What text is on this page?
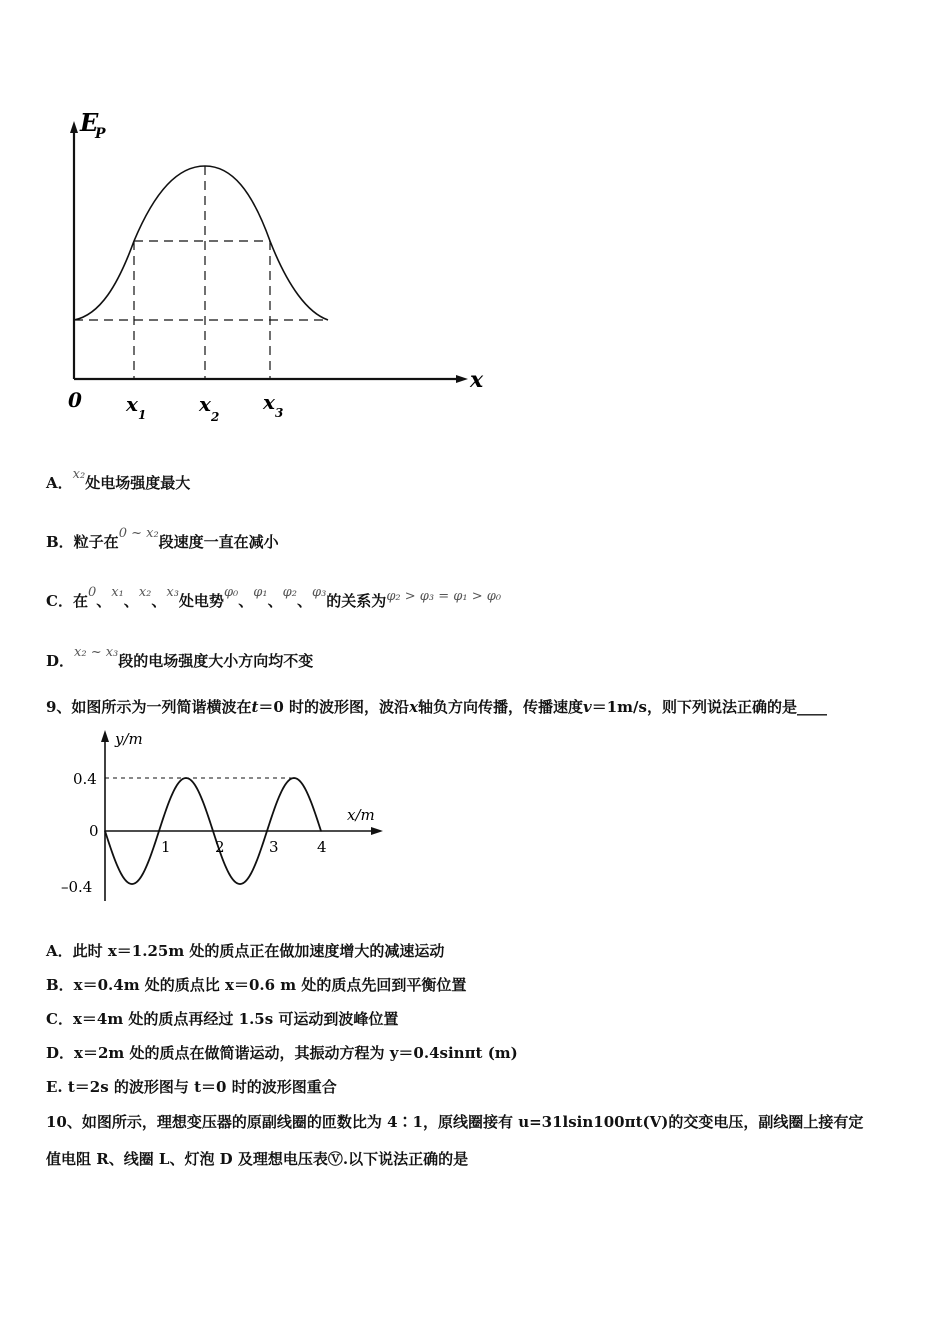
E
P
x
0 x 1	x
2
x 3
A．x₂处电场强度最大
B．粒子在0 ~ x₂段速度一直在减小
C．在0、x₁、x₂、x₃处电势φ₀、φ₁、φ₂、φ₃的关系为φ₂ > φ₃ = φ₁ > φ₀
D．x₂ ~ x₃段的电场强度大小方向均不变
9、如图所示为一列简谐横波在t＝0 时的波形图，波沿x轴负方向传播，传播速度v＝1m/s，则下列说法正确的是____
1	2	3	4
y/m
x/m
0.4
0
–0.4
A．此时 x＝1.25m 处的质点正在做加速度增大的减速运动
B．x＝0.4m 处的质点比 x＝0.6 m 处的质点先回到平衡位置
C．x＝4m 处的质点再经过 1.5s 可运动到波峰位置
D．x＝2m 处的质点在做简谐运动，其振动方程为 y＝0.4sinπt (m)
E. t＝2s 的波形图与 t＝0 时的波形图重合
10、如图所示，理想变压器的原副线圈的匝数比为 4∶1，原线圈接有 u=31lsin100πt(V)的交变电压，副线圈上接有定
值电阻 R、线圈 L、灯泡 D 及理想电压表Ⓥ.以下说法正确的是
